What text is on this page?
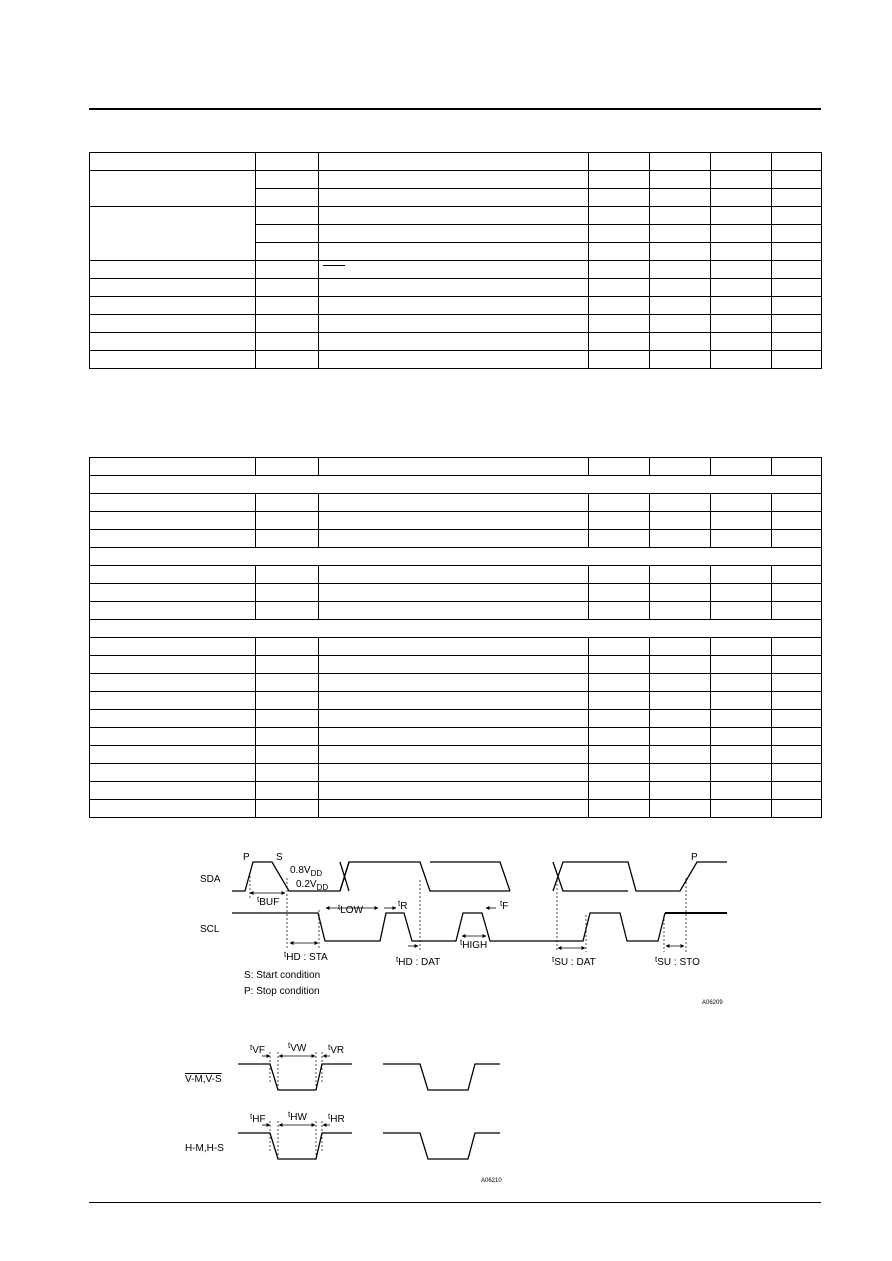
SDA
SCL
P	S	P
$0.8V_{DD}$
$0.2V_{DD}$
$^t$BUF	$^t$LOW
$^t$R	$^t$F
$^t$HIGH
$^t$HD : STA	$^t$HD : DAT	$^t$SU : DAT	$^t$SU : STO
S: Start condition
P: Stop condition
A06209
V-M,V-S
H-M,H-S
$^t$VF	$^t$VW	$^t$VR
$^t$HF	$^t$HW	$^t$HR
A06210
